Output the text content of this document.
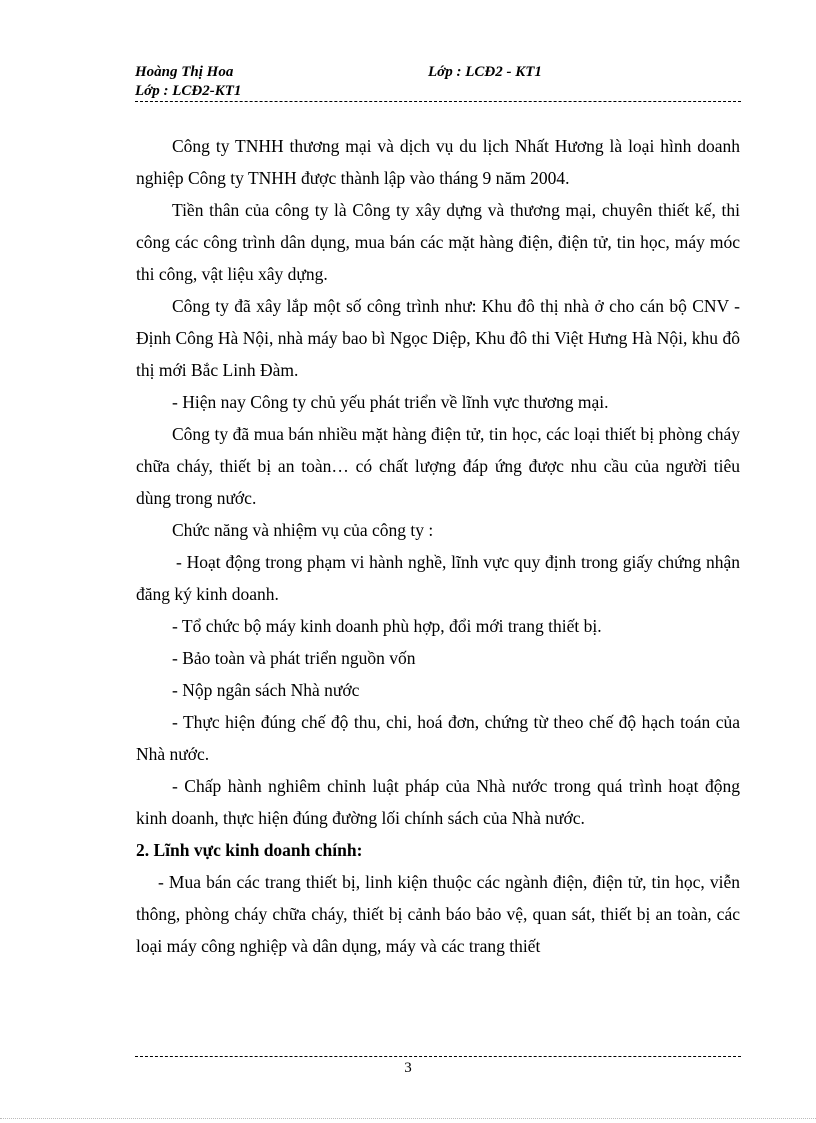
Hoàng Thị Hoa	Lớp : LCĐ2 - KT1
Lớp : LCĐ2-KT1

Công ty TNHH thương mại và dịch vụ du lịch Nhất Hương là loại hình doanh nghiệp Công ty TNHH được thành lập vào tháng 9 năm 2004.

Tiền thân của công ty là Công ty xây dựng và thương mại, chuyên thiết kế, thi công các công trình dân dụng, mua bán các mặt hàng điện, điện tử, tin học, máy móc thi công, vật liệu xây dựng.

Công ty đã xây lắp một số công trình như: Khu đô thị nhà ở cho cán bộ CNV - Định Công Hà Nội, nhà máy bao bì Ngọc Diệp, Khu đô thi Việt Hưng Hà Nội, khu đô thị mới Bắc Linh Đàm.

- Hiện nay Công ty chủ yếu phát triển về lĩnh vực thương mại.

Công ty đã mua bán nhiều mặt hàng điện tử, tin học, các loại thiết bị phòng cháy chữa cháy, thiết bị an toàn… có chất lượng đáp ứng được nhu cầu của người tiêu dùng trong nước.

Chức năng và nhiệm vụ của công ty :

- Hoạt động trong phạm vi hành nghề, lĩnh vực quy định trong giấy chứng nhận đăng ký kinh doanh.

- Tổ chức bộ máy kinh doanh phù hợp, đổi mới trang thiết bị.

- Bảo toàn và phát triển nguồn vốn

- Nộp ngân sách Nhà nước

- Thực hiện đúng chế độ thu, chi, hoá đơn, chứng từ theo chế độ hạch toán của Nhà nước.

- Chấp hành nghiêm chỉnh luật pháp của Nhà nước trong quá trình hoạt động kinh doanh, thực hiện đúng đường lối chính sách của Nhà nước.

2. Lĩnh vực kinh doanh chính:

- Mua bán các trang thiết bị, linh kiện thuộc các ngành điện, điện tử, tin học, viễn thông, phòng cháy chữa cháy, thiết bị cảnh báo bảo vệ, quan sát, thiết bị an toàn, các loại máy công nghiệp và dân dụng, máy và các trang thiết

3
